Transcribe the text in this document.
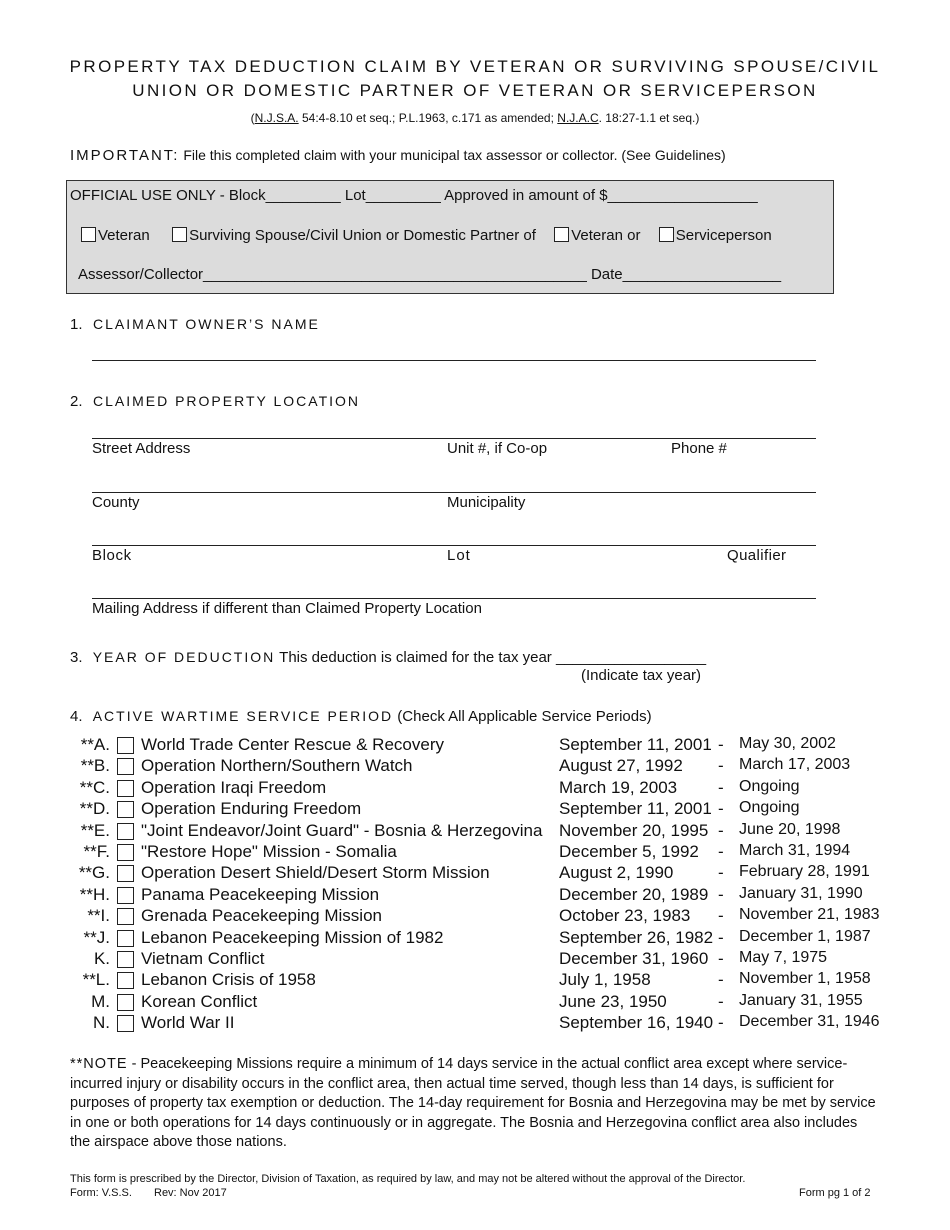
PROPERTY TAX DEDUCTION CLAIM BY VETERAN OR SURVIVING SPOUSE/CIVIL
UNION OR DOMESTIC PARTNER OF VETERAN OR SERVICEPERSON
(N.J.S.A. 54:4-8.10 et seq.; P.L.1963, c.171 as amended; N.J.A.C. 18:27-1.1 et seq.)
IMPORTANT: File this completed claim with your municipal tax assessor or collector. (See Guidelines)
OFFICIAL USE ONLY - Block_________ Lot_________ Approved in amount of $__________________
Veteran	Surviving Spouse/Civil Union or Domestic Partner of Veteran or Serviceperson
Assessor/Collector______________________________________________ Date___________________
1. CLAIMANT OWNER’S NAME
2. CLAIMED PROPERTY LOCATION
Street Address	Unit #, if Co-op	Phone #
County	Municipality
Block	Lot	Qualifier
Mailing Address if different than Claimed Property Location
3. YEAR OF DEDUCTION This deduction is claimed for the tax year __________________
(Indicate tax year)
4. ACTIVE WARTIME SERVICE PERIOD (Check All Applicable Service Periods)
**A. World Trade Center Rescue & Recovery	September 11, 2001 - May 30, 2002
**B. Operation Northern/Southern Watch	August 27, 1992 - March 17, 2003
**C. Operation Iraqi Freedom	March 19, 2003 - Ongoing
**D. Operation Enduring Freedom	September 11, 2001 - Ongoing
**E. "Joint Endeavor/Joint Guard" - Bosnia & Herzegovina November 20, 1995 - June 20, 1998
**F. "Restore Hope" Mission - Somalia	December 5, 1992 - March 31, 1994
**G. Operation Desert Shield/Desert Storm Mission	August 2, 1990	- February 28, 1991
**H. Panama Peacekeeping Mission	December 20, 1989 - January 31, 1990
**I. Grenada Peacekeeping Mission	October 23, 1983 - November 21, 1983
**J. Lebanon Peacekeeping Mission of 1982	September 26, 1982 - December 1, 1987
K. Vietnam Conflict	December 31, 1960 - May 7, 1975
**L. Lebanon Crisis of 1958	July 1, 1958	- November 1, 1958
M. Korean Conflict	June 23, 1950	- January 31, 1955
N. World War II	September 16, 1940 - December 31, 1946
**NOTE - Peacekeeping Missions require a minimum of 14 days service in the actual conflict area except where service-incurred injury or disability occurs in the conflict area, then actual time served, though less than 14 days, is sufficient for purposes of property tax exemption or deduction. The 14-day requirement for Bosnia and Herzegovina may be met by service in one or both operations for 14 days continuously or in aggregate. The Bosnia and Herzegovina conflict area also includes the airspace above those nations.
This form is prescribed by the Director, Division of Taxation, as required by law, and may not be altered without the approval of the Director.
Form: V.S.S. Rev: Nov 2017	Form pg 1 of 2
